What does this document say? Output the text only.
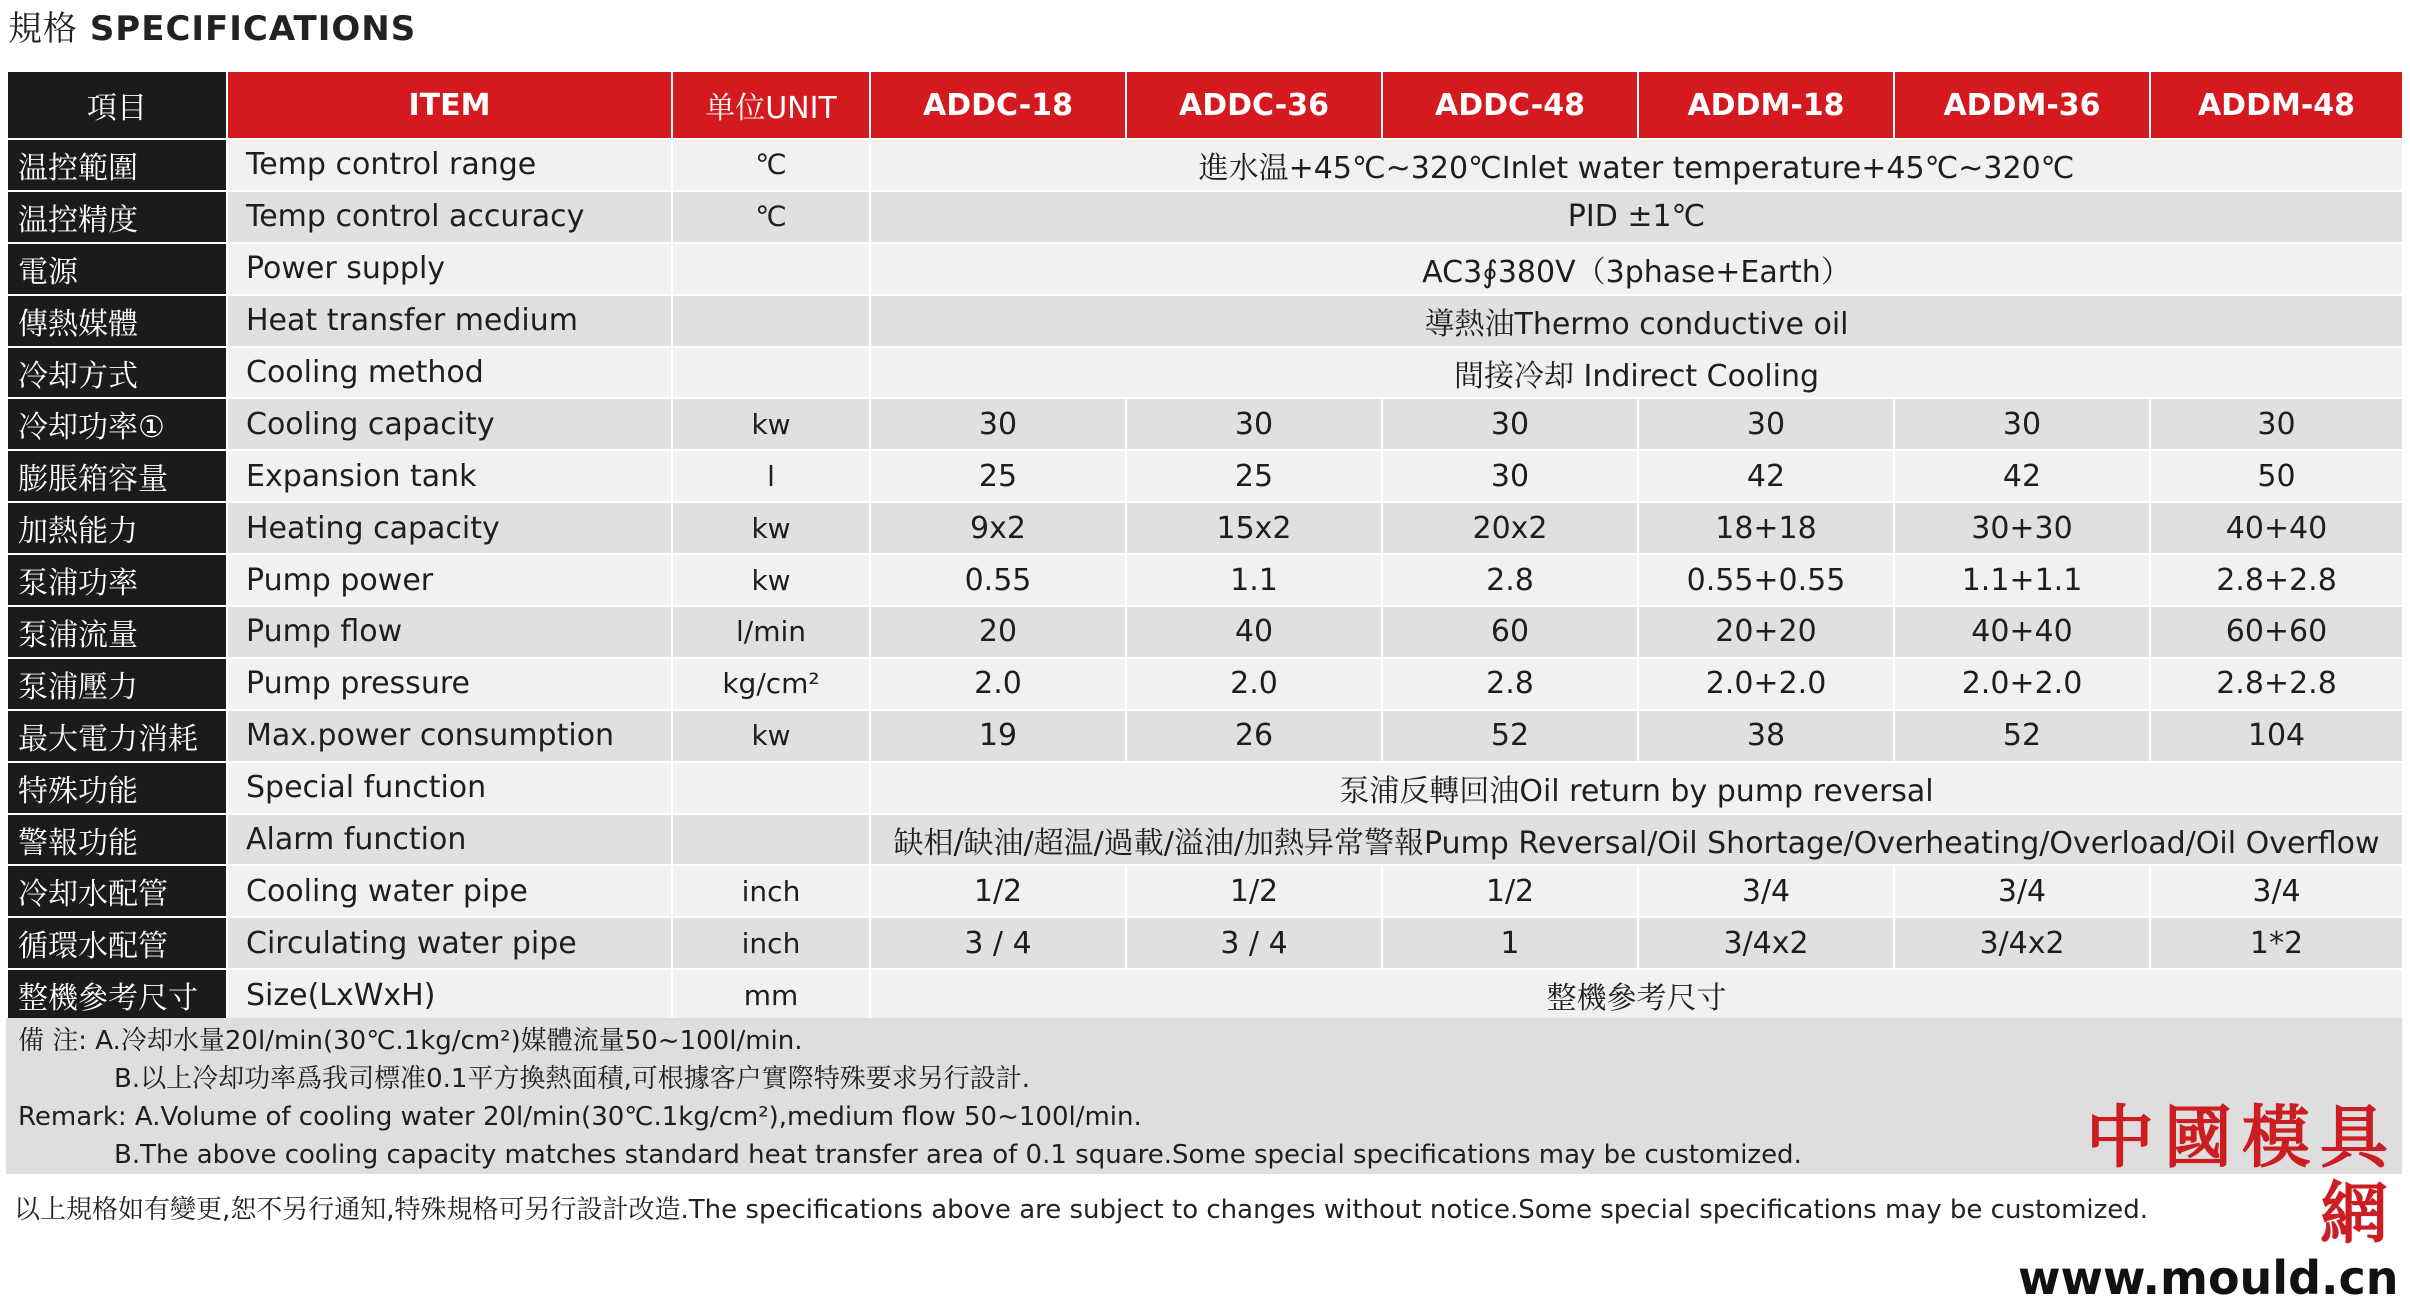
規格 SPECIFICATIONS
項目	ITEM	单位UNIT	ADDC-18	ADDC-36	ADDC-48	ADDM-18	ADDM-36	ADDM-48
温控範圍	Temp control range	℃	進水温+45℃~320℃Inlet water temperature+45℃~320℃					
温控精度	Temp control accuracy	℃	PID ±1℃					
電源	Power supply		AC3∮380V（3phase+Earth）					
傳熱媒體	Heat transfer medium		導熱油Thermo conductive oil					
冷却方式	Cooling method		間接冷却 Indirect Cooling					
冷却功率①	Cooling capacity	kw	30	30	30	30	30	30
膨脹箱容量	Expansion tank	l	25	25	30	42	42	50
加熱能力	Heating capacity	kw	9x2	15x2	20x2	18+18	30+30	40+40
泵浦功率	Pump power	kw	0.55	1.1	2.8	0.55+0.55	1.1+1.1	2.8+2.8
泵浦流量	Pump flow	l/min	20	40	60	20+20	40+40	60+60
泵浦壓力	Pump pressure	kg/cm²	2.0	2.0	2.8	2.0+2.0	2.0+2.0	2.8+2.8
最大電力消耗	Max.power consumption	kw	19	26	52	38	52	104
特殊功能	Special function		泵浦反轉回油Oil return by pump reversal					
警報功能	Alarm function		缺相/缺油/超温/過載/溢油/加熱异常警報Pump Reversal/Oil Shortage/Overheating/Overload/Oil Overflow					
冷却水配管	Cooling water pipe	inch	1/2	1/2	1/2	3/4	3/4	3/4
循環水配管	Circulating water pipe	inch	3 / 4	3 / 4	1	3/4x2	3/4x2	1*2
整機參考尺寸	Size(LxWxH)	mm	整機參考尺寸					
備 注: A.冷却水量20l/min(30℃.1kg/cm²)媒體流量50~100l/min.
B.以上冷却功率爲我司標准0.1平方換熱面積,可根據客户實際特殊要求另行設計.
Remark: A.Volume of cooling water 20l/min(30℃.1kg/cm²),medium flow 50~100l/min.
B.The above cooling capacity matches standard heat transfer area of 0.1 square.Some special specifications may be customized.
以上規格如有變更,恕不另行通知,特殊規格可另行設計改造.The specifications above are subject to changes without notice.Some special specifications may be customized.
中國模具網
www.mould.cn
